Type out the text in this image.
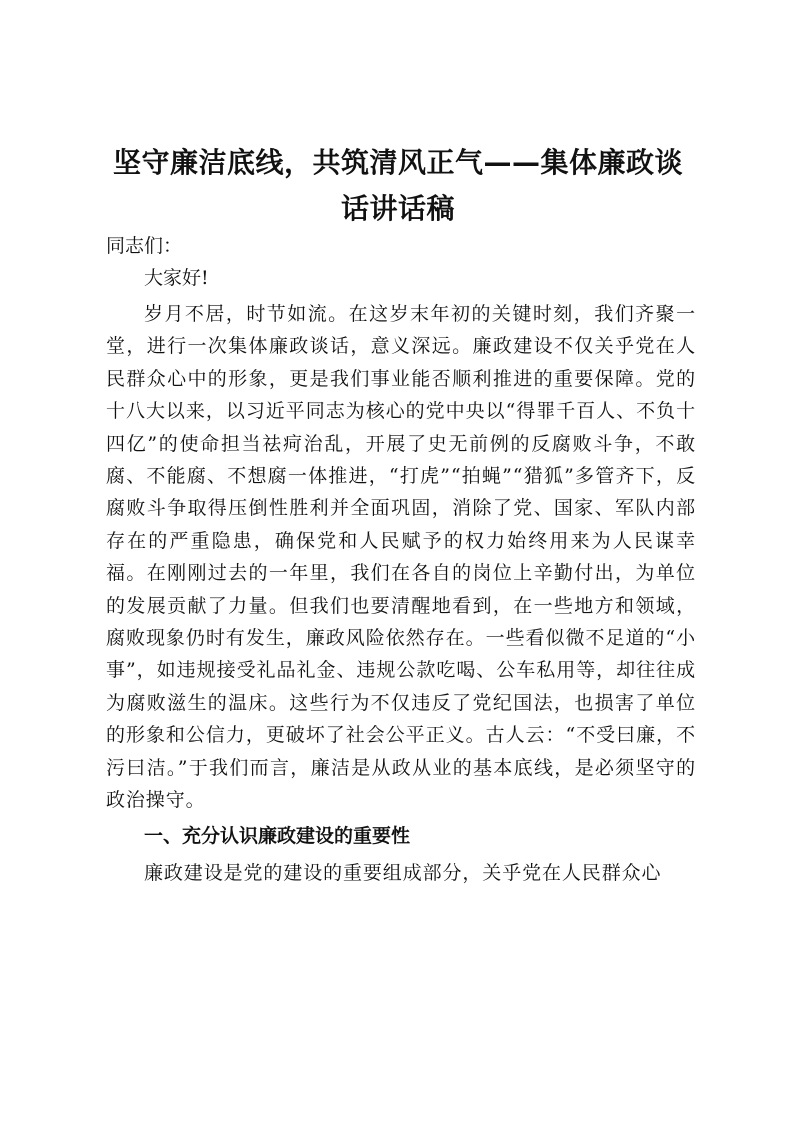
坚守廉洁底线，共筑清风正气——集体廉政谈
话讲话稿

同志们：

大家好!

岁月不居，时节如流。在这岁末年初的关键时刻，我们齐聚一堂，进行一次集体廉政谈话，意义深远。廉政建设不仅关乎党在人民群众心中的形象，更是我们事业能否顺利推进的重要保障。党的十八大以来，以习近平同志为核心的党中央以“得罪千百人、不负十四亿”的使命担当祛疴治乱，开展了史无前例的反腐败斗争，不敢腐、不能腐、不想腐一体推进，“打虎”“拍蝇”“猎狐”多管齐下，反腐败斗争取得压倒性胜利并全面巩固，消除了党、国家、军队内部存在的严重隐患，确保党和人民赋予的权力始终用来为人民谋幸福。在刚刚过去的一年里，我们在各自的岗位上辛勤付出，为单位的发展贡献了力量。但我们也要清醒地看到，在一些地方和领域，腐败现象仍时有发生，廉政风险依然存在。一些看似微不足道的“小事”，如违规接受礼品礼金、违规公款吃喝、公车私用等，却往往成为腐败滋生的温床。这些行为不仅违反了党纪国法，也损害了单位的形象和公信力，更破坏了社会公平正义。古人云：“不受曰廉，不污曰洁。”于我们而言，廉洁是从政从业的基本底线，是必须坚守的政治操守。

一、充分认识廉政建设的重要性

廉政建设是党的建设的重要组成部分，关乎党在人民群众心
